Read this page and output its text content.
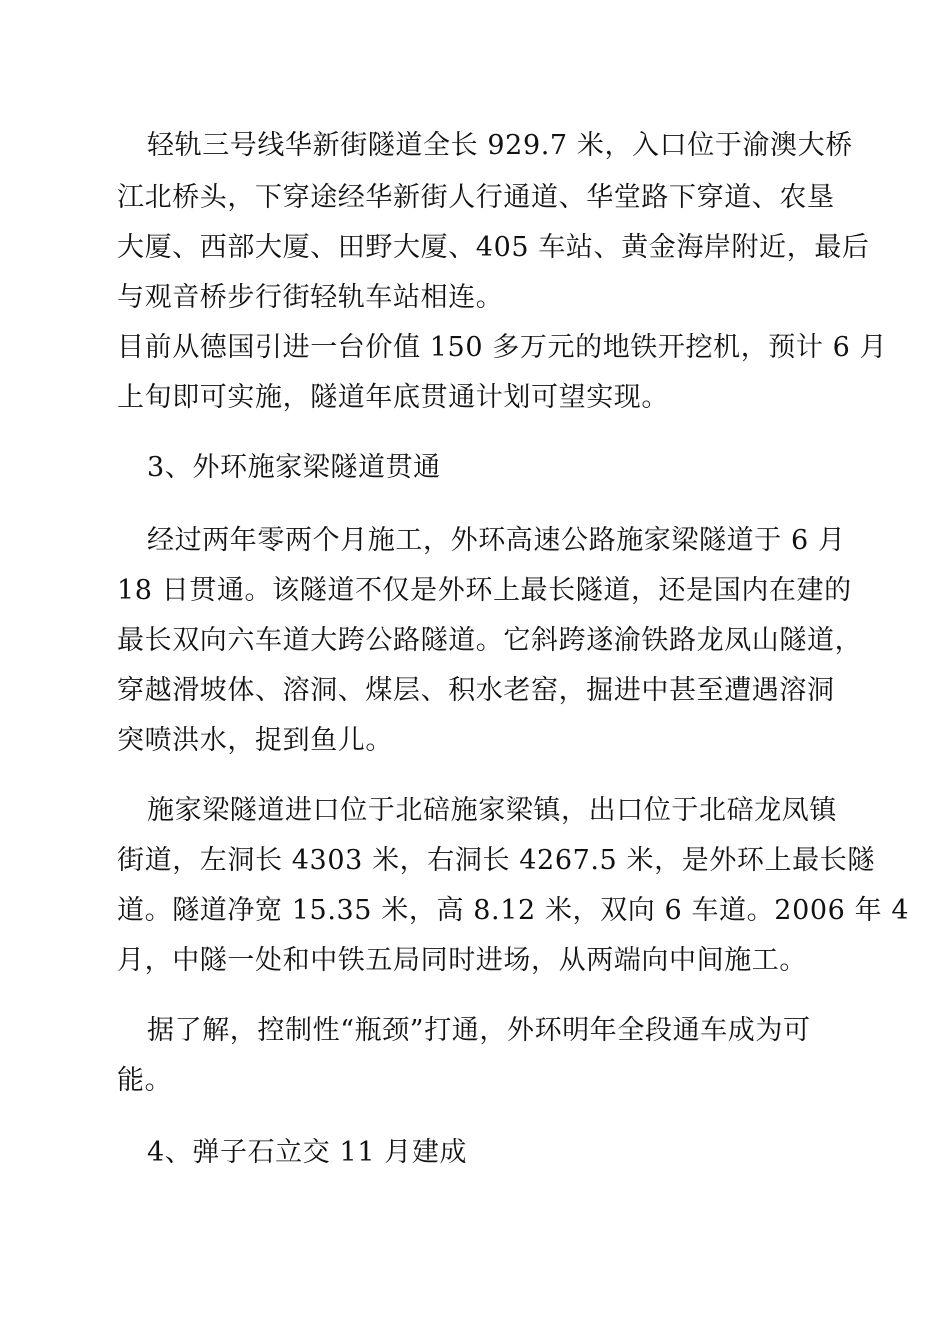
轻轨三号线华新街隧道全长 929.7 米，入口位于渝澳大桥
江北桥头，下穿途经华新街人行通道、华堂路下穿道、农垦
大厦、西部大厦、田野大厦、405 车站、黄金海岸附近，最后
与观音桥步行街轻轨车站相连。
目前从德国引进一台价值 150 多万元的地铁开挖机，预计 6 月
上旬即可实施，隧道年底贯通计划可望实现。
3、外环施家梁隧道贯通
经过两年零两个月施工，外环高速公路施家梁隧道于 6 月
18 日贯通。该隧道不仅是外环上最长隧道，还是国内在建的
最长双向六车道大跨公路隧道。它斜跨遂渝铁路龙凤山隧道，
穿越滑坡体、溶洞、煤层、积水老窑，掘进中甚至遭遇溶洞
突喷洪水，捉到鱼儿。
施家梁隧道进口位于北碚施家梁镇，出口位于北碚龙凤镇
街道，左洞长 4303 米，右洞长 4267.5 米，是外环上最长隧
道。隧道净宽 15.35 米，高 8.12 米，双向 6 车道。2006 年 4
月，中隧一处和中铁五局同时进场，从两端向中间施工。
据了解，控制性“瓶颈”打通，外环明年全段通车成为可
能。
4、弹子石立交 11 月建成
